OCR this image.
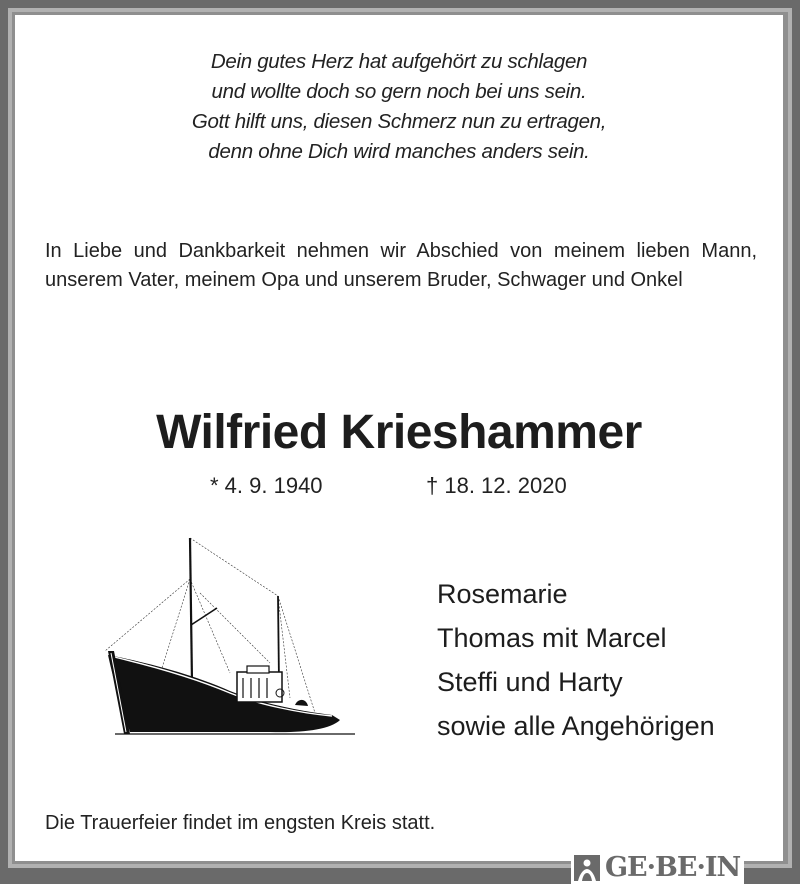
Dein gutes Herz hat aufgehört zu schlagen
und wollte doch so gern noch bei uns sein.
Gott hilft uns, diesen Schmerz nun zu ertragen,
denn ohne Dich wird manches anders sein.
In Liebe und Dankbarkeit nehmen wir Abschied von meinem lieben Mann, unserem Vater, meinem Opa und unserem Bruder, Schwager und Onkel
Wilfried Krieshammer
* 4. 9. 1940	† 18. 12. 2020
Rosemarie
Thomas mit Marcel
Steffi und Harty
sowie alle Angehörigen
Die Trauerfeier findet im engsten Kreis statt.
GE·BE·IN
